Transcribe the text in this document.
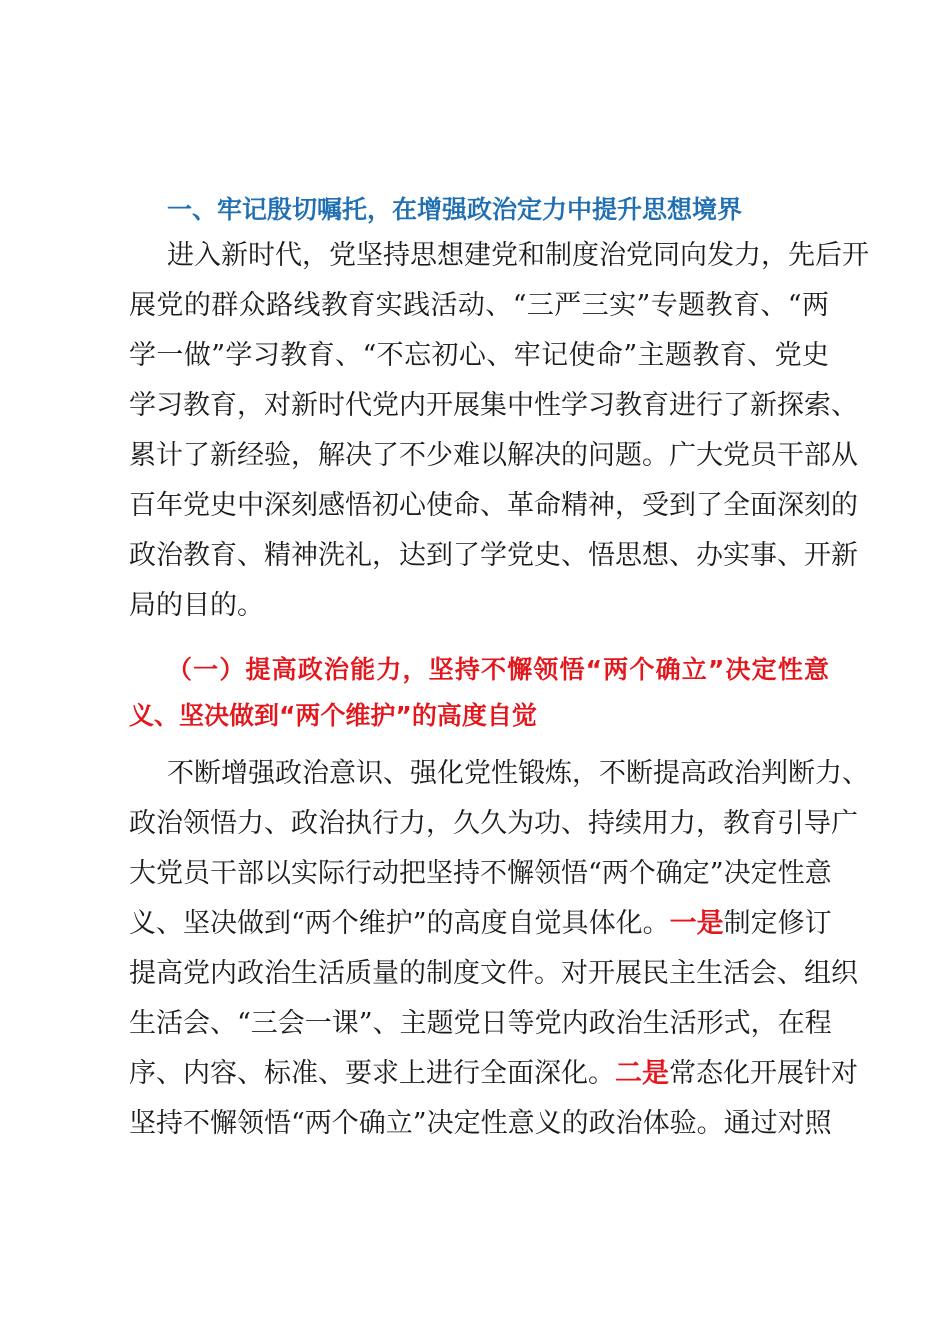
一、牢记殷切嘱托，在增强政治定力中提升思想境界
进入新时代，党坚持思想建党和制度治党同向发力，先后开
展党的群众路线教育实践活动、“三严三实”专题教育、“两
学一做”学习教育、“不忘初心、牢记使命”主题教育、党史
学习教育，对新时代党内开展集中性学习教育进行了新探索、
累计了新经验，解决了不少难以解决的问题。广大党员干部从
百年党史中深刻感悟初心使命、革命精神，受到了全面深刻的
政治教育、精神洗礼，达到了学党史、悟思想、办实事、开新
局的目的。
（一）提高政治能力，坚持不懈领悟“两个确立”决定性意
义、坚决做到“两个维护”的高度自觉
不断增强政治意识、强化党性锻炼，不断提高政治判断力、
政治领悟力、政治执行力，久久为功、持续用力，教育引导广
大党员干部以实际行动把坚持不懈领悟“两个确定”决定性意
义、坚决做到“两个维护”的高度自觉具体化。一是制定修订
提高党内政治生活质量的制度文件。对开展民主生活会、组织
生活会、“三会一课”、主题党日等党内政治生活形式，在程
序、内容、标准、要求上进行全面深化。二是常态化开展针对
坚持不懈领悟“两个确立”决定性意义的政治体验。通过对照
